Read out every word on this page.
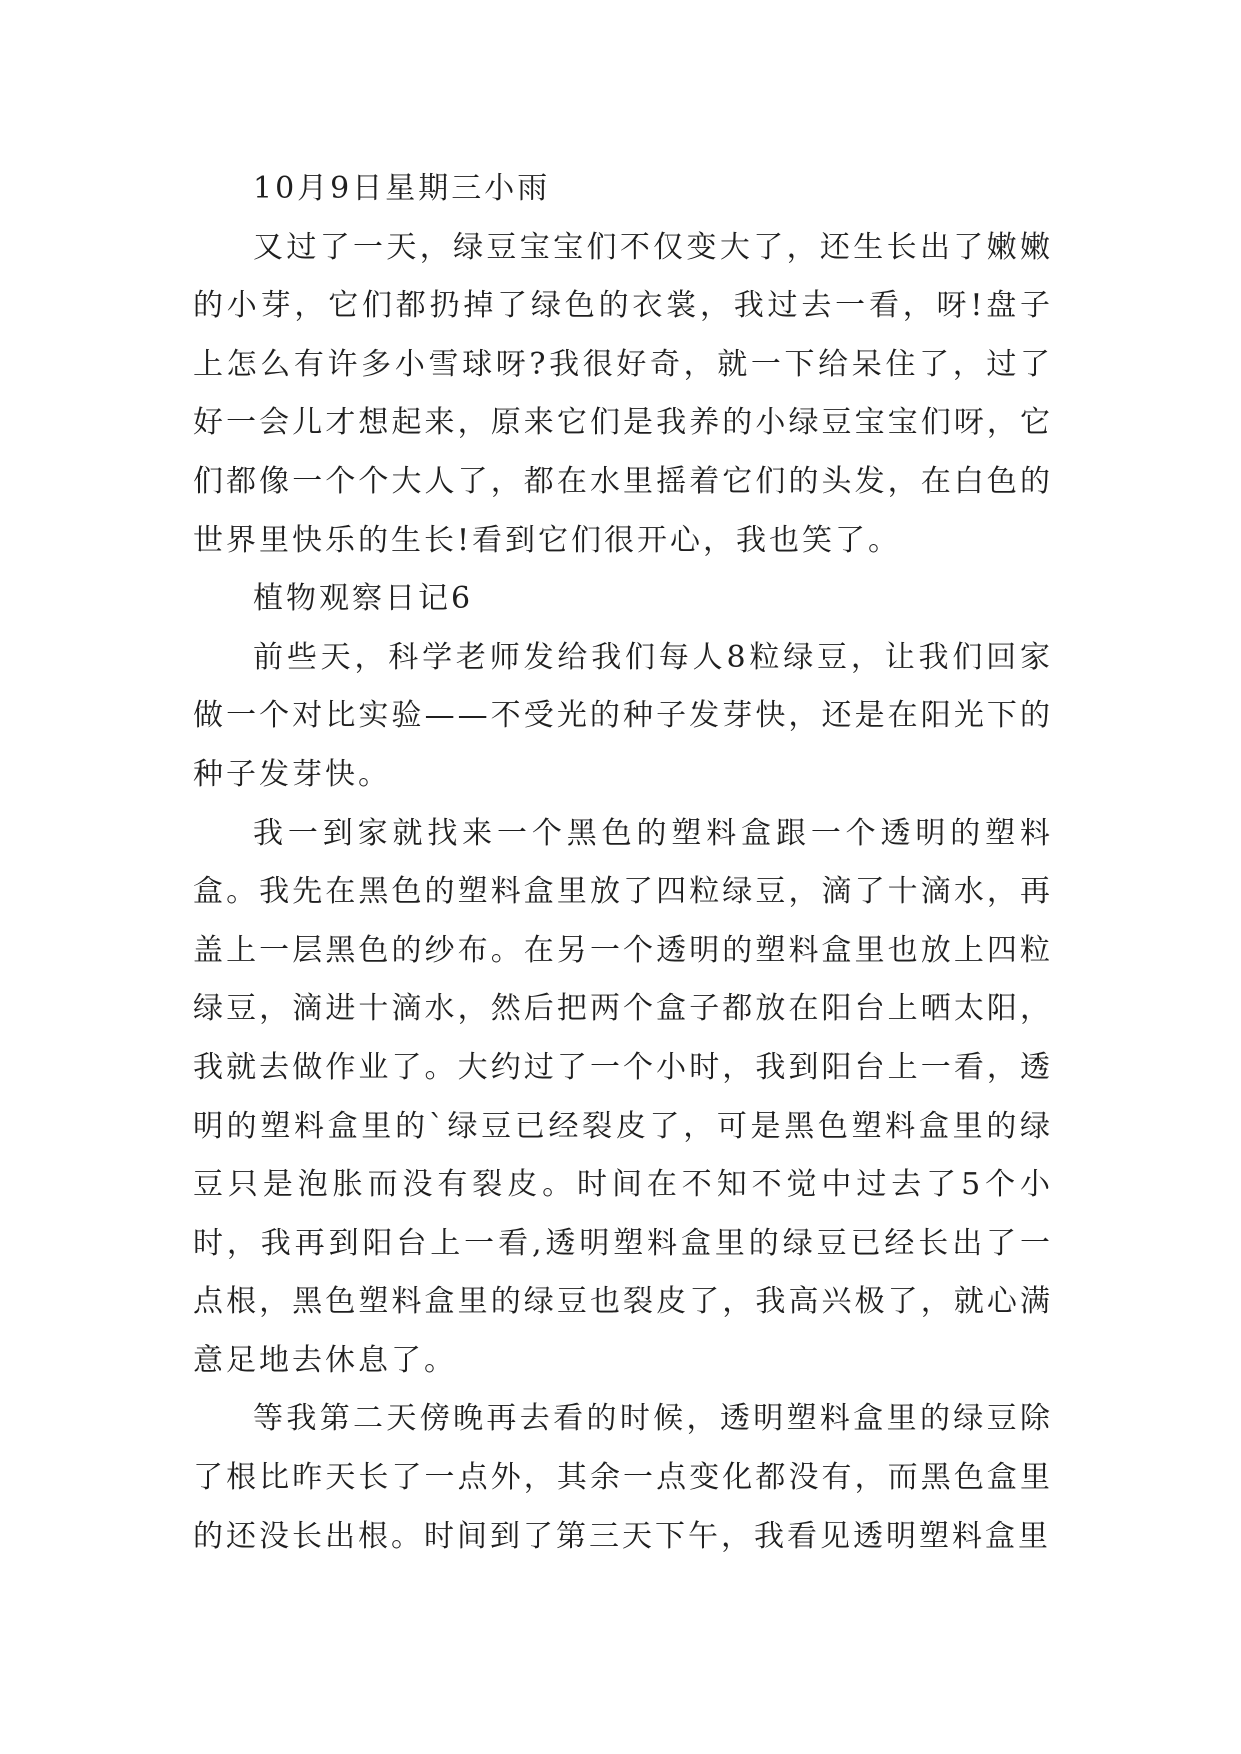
10月9日星期三小雨

又过了一天，绿豆宝宝们不仅变大了，还生长出了嫩嫩的小芽，它们都扔掉了绿色的衣裳，我过去一看，呀!盘子上怎么有许多小雪球呀?我很好奇，就一下给呆住了，过了好一会儿才想起来，原来它们是我养的小绿豆宝宝们呀，它们都像一个个大人了，都在水里摇着它们的头发，在白色的世界里快乐的生长!看到它们很开心，我也笑了。

植物观察日记6

前些天，科学老师发给我们每人8粒绿豆，让我们回家做一个对比实验——不受光的种子发芽快，还是在阳光下的种子发芽快。

我一到家就找来一个黑色的塑料盒跟一个透明的塑料盒。我先在黑色的塑料盒里放了四粒绿豆，滴了十滴水，再盖上一层黑色的纱布。在另一个透明的塑料盒里也放上四粒绿豆，滴进十滴水，然后把两个盒子都放在阳台上晒太阳，我就去做作业了。大约过了一个小时，我到阳台上一看，透明的塑料盒里的`绿豆已经裂皮了，可是黑色塑料盒里的绿豆只是泡胀而没有裂皮。时间在不知不觉中过去了5个小时，我再到阳台上一看,透明塑料盒里的绿豆已经长出了一点根，黑色塑料盒里的绿豆也裂皮了，我高兴极了，就心满意足地去休息了。

等我第二天傍晚再去看的时候，透明塑料盒里的绿豆除了根比昨天长了一点外，其余一点变化都没有，而黑色盒里的还没长出根。时间到了第三天下午，我看见透明塑料盒里
